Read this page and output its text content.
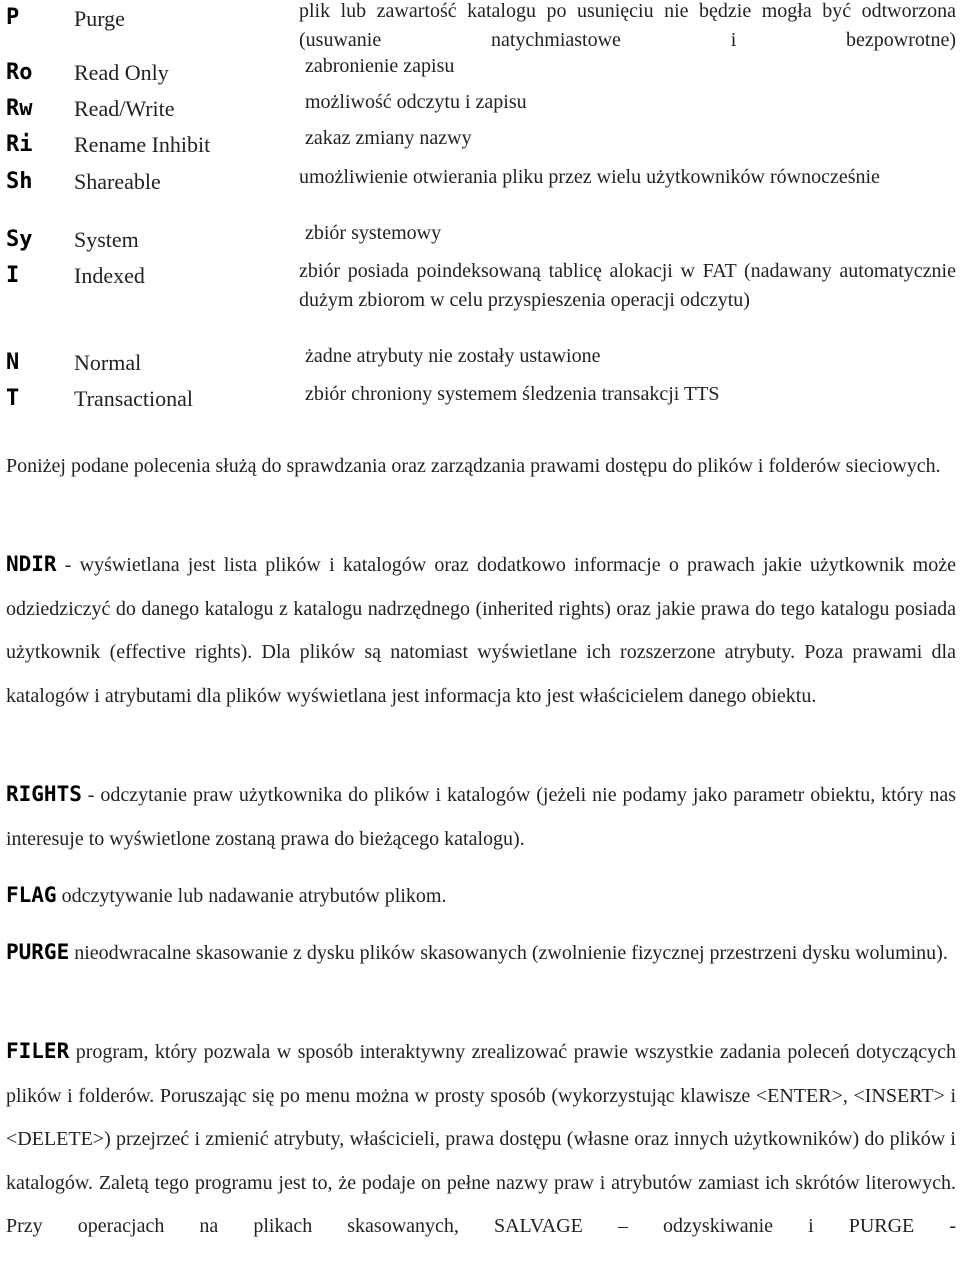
P Purge	plik lub zawartość katalogu po usunięciu nie będzie mogła być odtworzona (usuwanie natychmiastowe i bezpowrotne)
Ro Read Only	zabronienie zapisu
Rw Read/Write	możliwość odczytu i zapisu
Ri Rename Inhibit	zakaz zmiany nazwy
Sh Shareable	umożliwienie otwierania pliku przez wielu użytkowników równocześnie
Sy System	zbiór systemowy
I Indexed	zbiór posiada poindeksowaną tablicę alokacji w FAT (nadawany automatycznie dużym zbiorom w celu przyspieszenia operacji odczytu)
N Normal	żadne atrybuty nie zostały ustawione
T Transactional	zbiór chroniony systemem śledzenia transakcji TTS

Poniżej podane polecenia służą do sprawdzania oraz zarządzania prawami dostępu do plików i folderów sieciowych.

NDIR - wyświetlana jest lista plików i katalogów oraz dodatkowo informacje o prawach jakie użytkownik może odziedziczyć do danego katalogu z katalogu nadrzędnego (inherited rights) oraz jakie prawa do tego katalogu posiada użytkownik (effective rights). Dla plików są natomiast wyświetlane ich rozszerzone atrybuty. Poza prawami dla katalogów i atrybutami dla plików wyświetlana jest informacja kto jest właścicielem danego obiektu.

RIGHTS - odczytanie praw użytkownika do plików i katalogów (jeżeli nie podamy jako parametr obiektu, który nas interesuje to wyświetlone zostaną prawa do bieżącego katalogu).

FLAG odczytywanie lub nadawanie atrybutów plikom.

PURGE nieodwracalne skasowanie z dysku plików skasowanych (zwolnienie fizycznej przestrzeni dysku woluminu).

FILER program, który pozwala w sposób interaktywny zrealizować prawie wszystkie zadania poleceń dotyczących plików i folderów. Poruszając się po menu można w prosty sposób (wykorzystując klawisze <ENTER>, <INSERT> i <DELETE>) przejrzeć i zmienić atrybuty, właścicieli, prawa dostępu (własne oraz innych użytkowników) do plików i katalogów. Zaletą tego programu jest to, że podaje on pełne nazwy praw i atrybutów zamiast ich skrótów literowych. Przy operacjach na plikach skasowanych, SALVAGE – odzyskiwanie i PURGE -
